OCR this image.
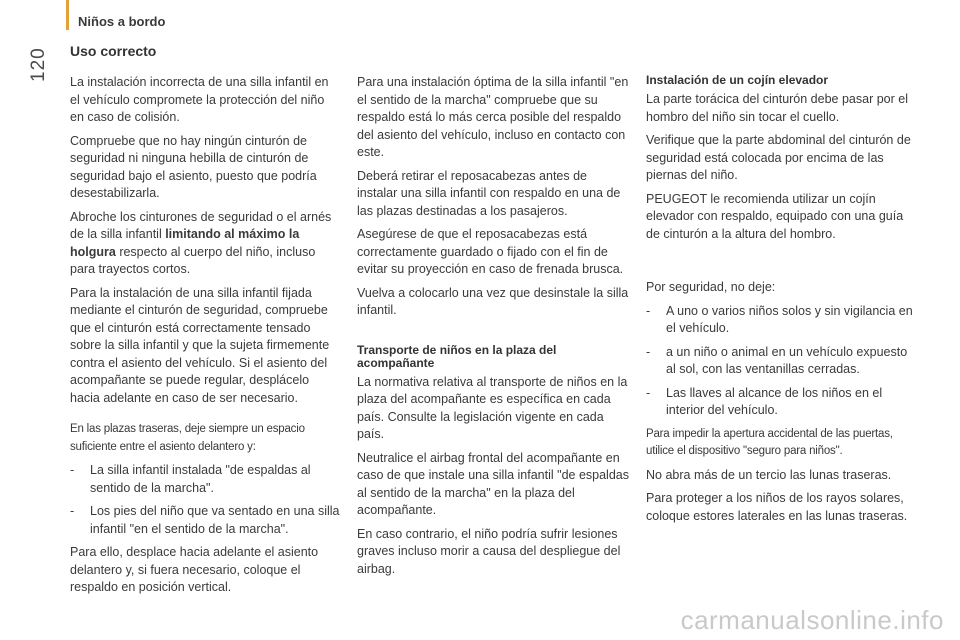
Niños a bordo
120 Uso correcto

La instalación incorrecta de una silla infantil en el vehículo compromete la protección del niño en caso de colisión.

Compruebe que no hay ningún cinturón de seguridad ni ninguna hebilla de cinturón de seguridad bajo el asiento, puesto que podría desestabilizarla.

Abroche los cinturones de seguridad o el arnés de la silla infantil limitando al máximo la holgura respecto al cuerpo del niño, incluso para trayectos cortos.

Para la instalación de una silla infantil fijada mediante el cinturón de seguridad, compruebe que el cinturón está correctamente tensado sobre la silla infantil y que la sujeta firmemente contra el asiento del vehículo. Si el asiento del acompañante se puede regular, desplácelo hacia adelante en caso de ser necesario.

En las plazas traseras, deje siempre un espacio suficiente entre el asiento delantero y:

- La silla infantil instalada "de espaldas al sentido de la marcha".
- Los pies del niño que va sentado en una silla infantil "en el sentido de la marcha".

Para ello, desplace hacia adelante el asiento delantero y, si fuera necesario, coloque el respaldo en posición vertical.

Para una instalación óptima de la silla infantil "en el sentido de la marcha" compruebe que su respaldo está lo más cerca posible del respaldo del asiento del vehículo, incluso en contacto con este.

Deberá retirar el reposacabezas antes de instalar una silla infantil con respaldo en una de las plazas destinadas a los pasajeros.

Asegúrese de que el reposacabezas está correctamente guardado o fijado con el fin de evitar su proyección en caso de frenada brusca.

Vuelva a colocarlo una vez que desinstale la silla infantil.

Transporte de niños en la plaza del acompañante

La normativa relativa al transporte de niños en la plaza del acompañante es específica en cada país. Consulte la legislación vigente en cada país.

Neutralice el airbag frontal del acompañante en caso de que instale una silla infantil "de espaldas al sentido de la marcha" en la plaza del acompañante.

En caso contrario, el niño podría sufrir lesiones graves incluso morir a causa del despliegue del airbag.

Instalación de un cojín elevador

La parte torácica del cinturón debe pasar por el hombro del niño sin tocar el cuello.

Verifique que la parte abdominal del cinturón de seguridad está colocada por encima de las piernas del niño.

PEUGEOT le recomienda utilizar un cojín elevador con respaldo, equipado con una guía de cinturón a la altura del hombro.

Por seguridad, no deje:

- A uno o varios niños solos y sin vigilancia en el vehículo.
- a un niño o animal en un vehículo expuesto al sol, con las ventanillas cerradas.
- Las llaves al alcance de los niños en el interior del vehículo.

Para impedir la apertura accidental de las puertas, utilice el dispositivo "seguro para niños".

No abra más de un tercio las lunas traseras.

Para proteger a los niños de los rayos solares, coloque estores laterales en las lunas traseras.

carmanualsonline.info
